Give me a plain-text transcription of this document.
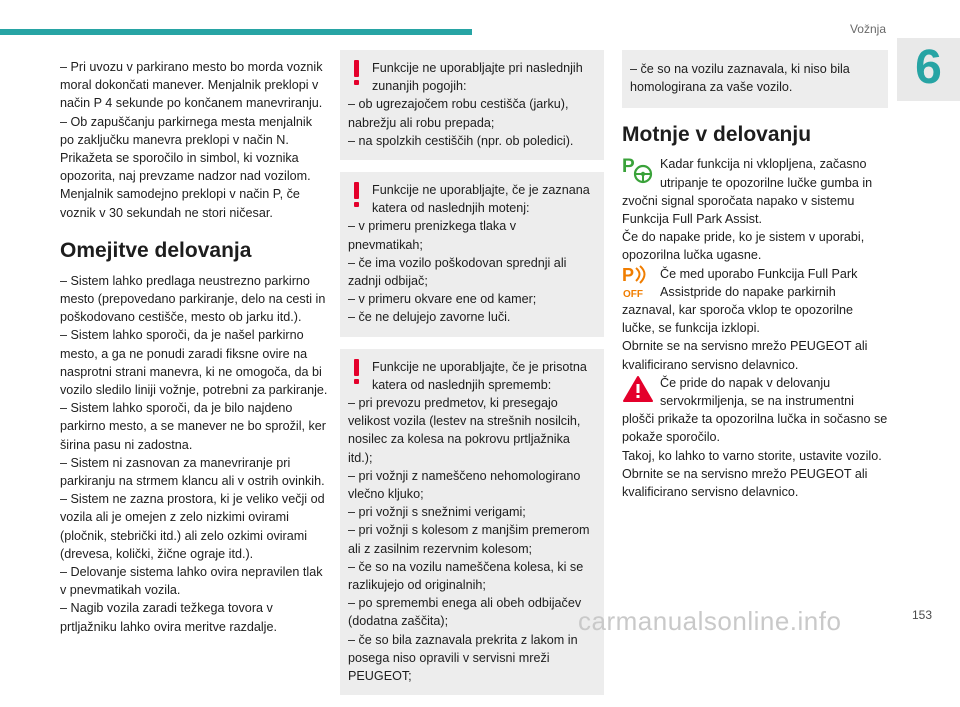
Vožnja
6

– Pri uvozu v parkirano mesto bo morda voznik moral dokončati manever. Menjalnik preklopi v način P 4 sekunde po končanem manevriranju.

– Ob zapuščanju parkirnega mesta menjalnik po zaključku manevra preklopi v način N. Prikažeta se sporočilo in simbol, ki voznika opozorita, naj prevzame nadzor nad vozilom.

Menjalnik samodejno preklopi v način P, če voznik v 30 sekundah ne stori ničesar.

Omejitve delovanja

– Sistem lahko predlaga neustrezno parkirno mesto (prepovedano parkiranje, delo na cesti in poškodovano cestišče, mesto ob jarku itd.).

– Sistem lahko sporoči, da je našel parkirno mesto, a ga ne ponudi zaradi fiksne ovire na nasprotni strani manevra, ki ne omogoča, da bi vozilo sledilo liniji vožnje, potrebni za parkiranje.

– Sistem lahko sporoči, da je bilo najdeno parkirno mesto, a se manever ne bo sprožil, ker širina pasu ni zadostna.

– Sistem ni zasnovan za manevriranje pri parkiranju na strmem klancu ali v ostrih ovinkih.

– Sistem ne zazna prostora, ki je veliko večji od vozila ali je omejen z zelo nizkimi ovirami (pločnik, stebrički itd.) ali zelo ozkimi ovirami (drevesa, količki, žične ograje itd.).

– Delovanje sistema lahko ovira nepravilen tlak v pnevmatikah vozila.

– Nagib vozila zaradi težkega tovora v prtljažniku lahko ovira meritve razdalje.

Funkcije ne uporabljajte pri naslednjih zunanjih pogojih:

– ob ugrezajočem robu cestišča (jarku), nabrežju ali robu prepada;

– na spolzkih cestiščih (npr. ob poledici).

Funkcije ne uporabljajte, če je zaznana katera od naslednjih motenj:

– v primeru prenizkega tlaka v pnevmatikah;

– če ima vozilo poškodovan sprednji ali zadnji odbijač;

– v primeru okvare ene od kamer;

– če ne delujejo zavorne luči.

Funkcije ne uporabljajte, če je prisotna katera od naslednjih sprememb:

– pri prevozu predmetov, ki presegajo velikost vozila (lestev na strešnih nosilcih, nosilec za kolesa na pokrovu prtljažnika itd.);

– pri vožnji z nameščeno nehomologirano vlečno kljuko;

– pri vožnji s snežnimi verigami;

– pri vožnji s kolesom z manjšim premerom ali z zasilnim rezervnim kolesom;

– če so na vozilu nameščena kolesa, ki se razlikujejo od originalnih;

– po spremembi enega ali obeh odbijačev (dodatna zaščita);

– če so bila zaznavala prekrita z lakom in posega niso opravili v servisni mreži PEUGEOT;

– če so na vozilu zaznavala, ki niso bila homologirana za vaše vozilo.

Motnje v delovanju
P	Kadar funkcija ni vklopljena, začasno utripanje te opozorilne lučke gumba in zvočni signal sporočata napako v sistemu Funkcija Full Park Assist.

Če do napake pride, ko je sistem v uporabi, opozorilna lučka ugasne.

P
OFF

Če med uporabo Funkcija Full Park Assistpride do napake parkirnih zaznaval, kar sporoča vklop te opozorilne lučke, se funkcija izklopi.

Obrnite se na servisno mrežo PEUGEOT ali kvalificirano servisno delavnico.

Če pride do napak v delovanju servokrmiljenja, se na instrumentni plošči prikaže ta opozorilna lučka in sočasno se pokaže sporočilo.

Takoj, ko lahko to varno storite, ustavite vozilo.

Obrnite se na servisno mrežo PEUGEOT ali kvalificirano servisno delavnico.

carmanualsonline.info	153
